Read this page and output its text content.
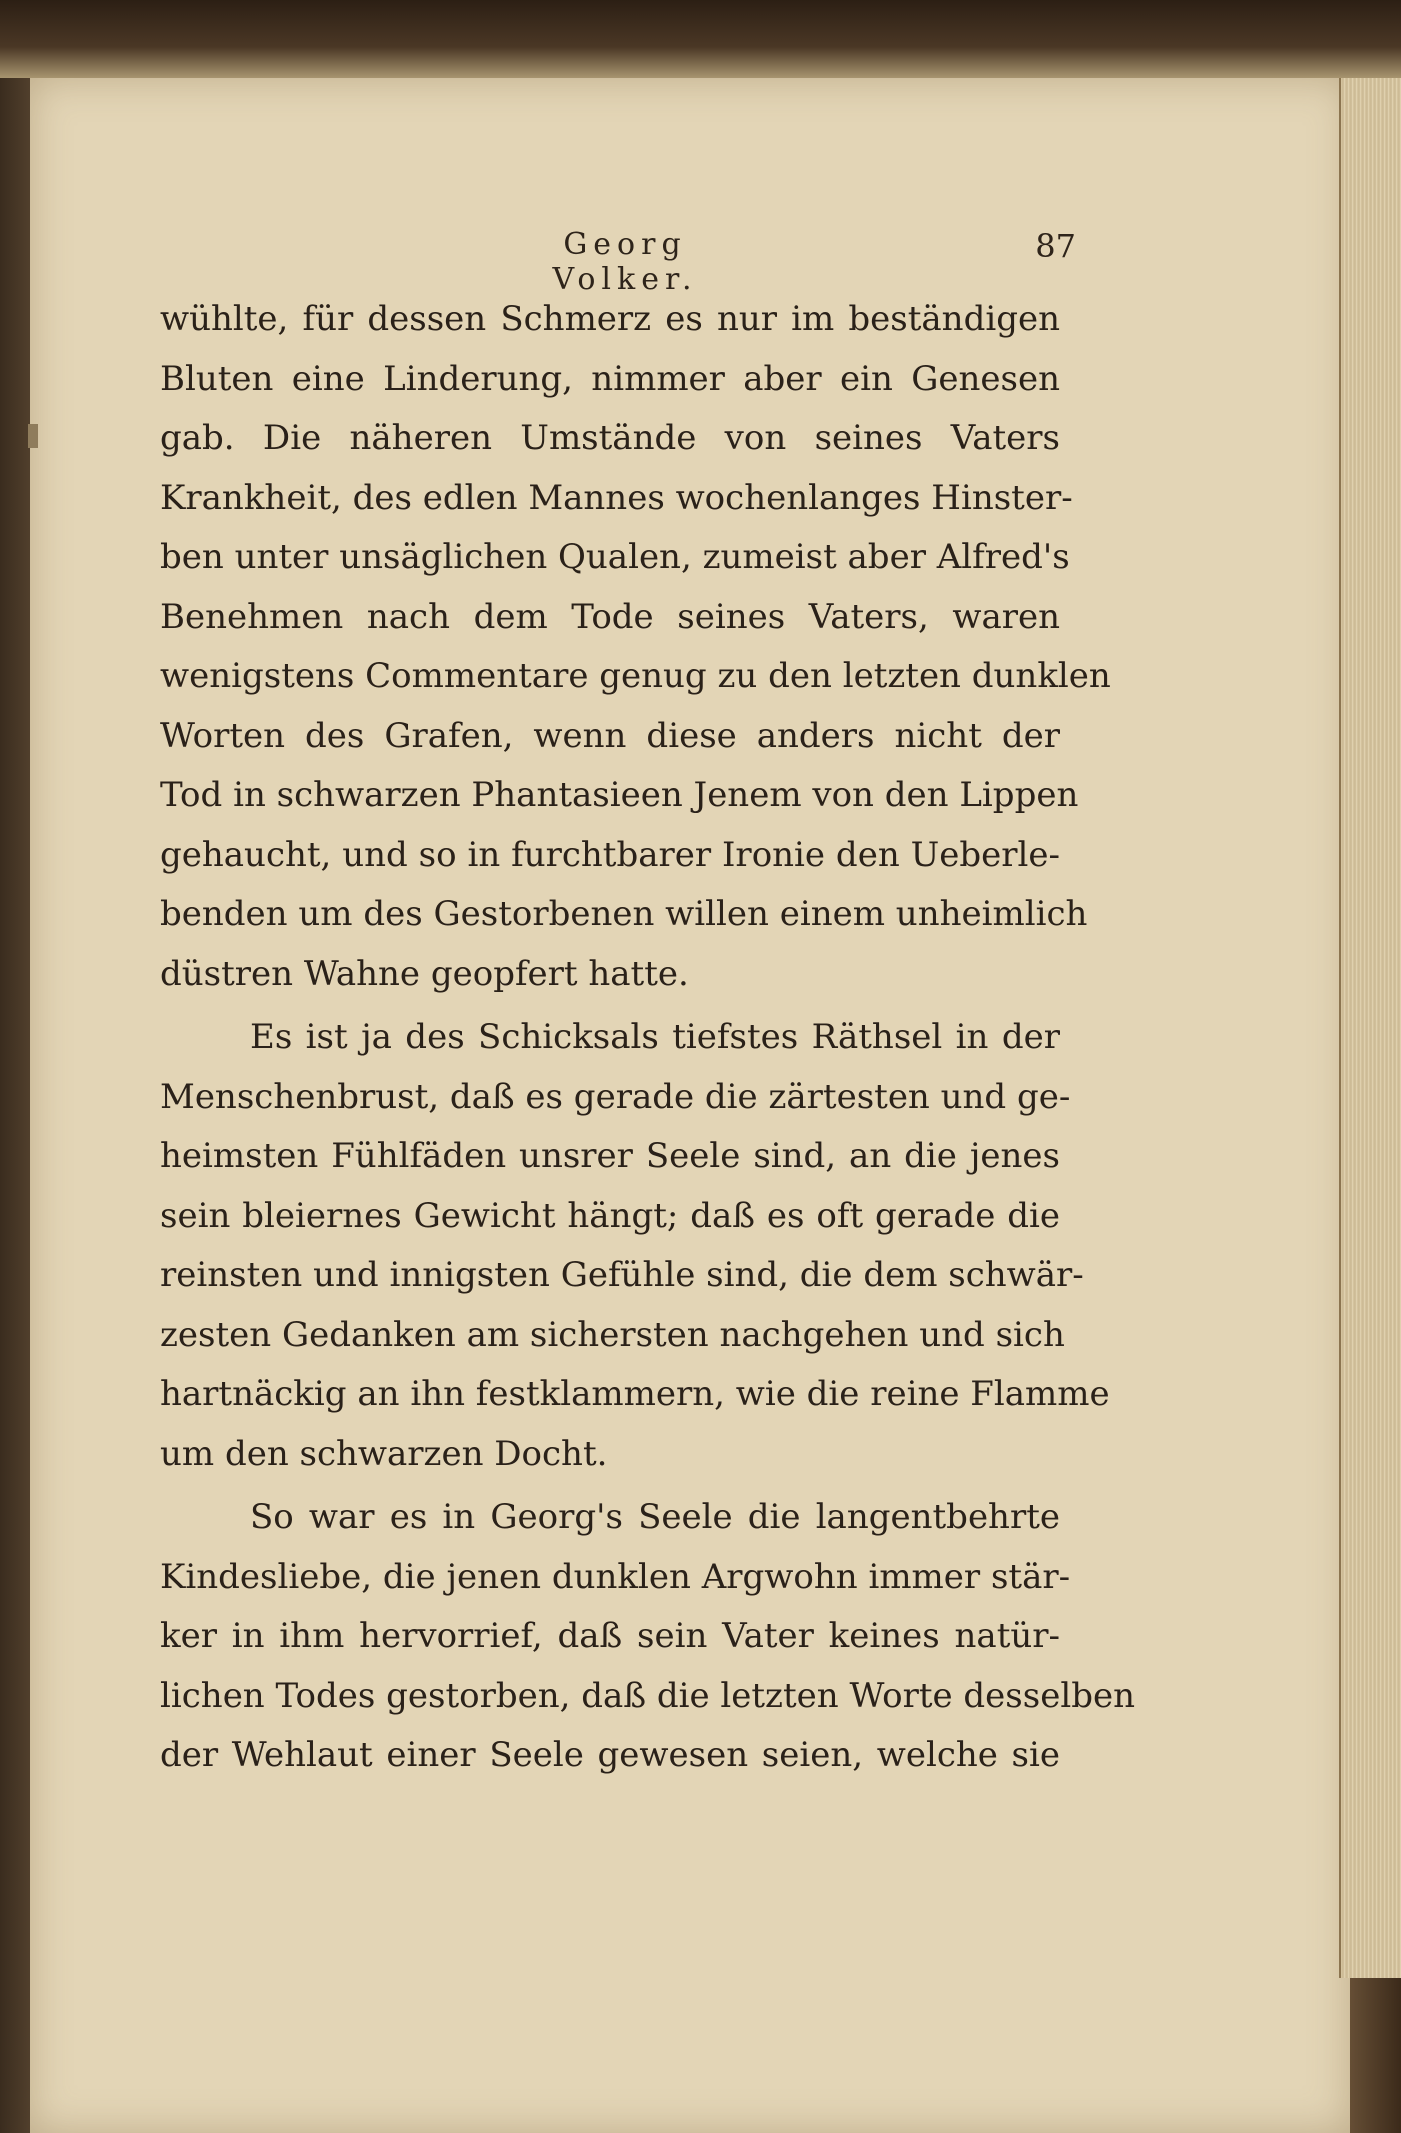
Georg Volker.
87
wühlte, für dessen Schmerz es nur im beständigen
Bluten eine Linderung, nimmer aber ein Genesen
gab. Die näheren Umstände von seines Vaters
Krankheit, des edlen Mannes wochenlanges Hinster-
ben unter unsäglichen Qualen, zumeist aber Alfred's
Benehmen nach dem Tode seines Vaters, waren
wenigstens Commentare genug zu den letzten dunklen
Worten des Grafen, wenn diese anders nicht der
Tod in schwarzen Phantasieen Jenem von den Lippen
gehaucht, und so in furchtbarer Ironie den Ueberle-
benden um des Gestorbenen willen einem unheimlich
düstren Wahne geopfert hatte.
Es ist ja des Schicksals tiefstes Räthsel in der
Menschenbrust, daß es gerade die zärtesten und ge-
heimsten Fühlfäden unsrer Seele sind, an die jenes
sein bleiernes Gewicht hängt; daß es oft gerade die
reinsten und innigsten Gefühle sind, die dem schwär-
zesten Gedanken am sichersten nachgehen und sich
hartnäckig an ihn festklammern, wie die reine Flamme
um den schwarzen Docht.
So war es in Georg's Seele die langentbehrte
Kindesliebe, die jenen dunklen Argwohn immer stär-
ker in ihm hervorrief, daß sein Vater keines natür-
lichen Todes gestorben, daß die letzten Worte desselben
der Wehlaut einer Seele gewesen seien, welche sie
